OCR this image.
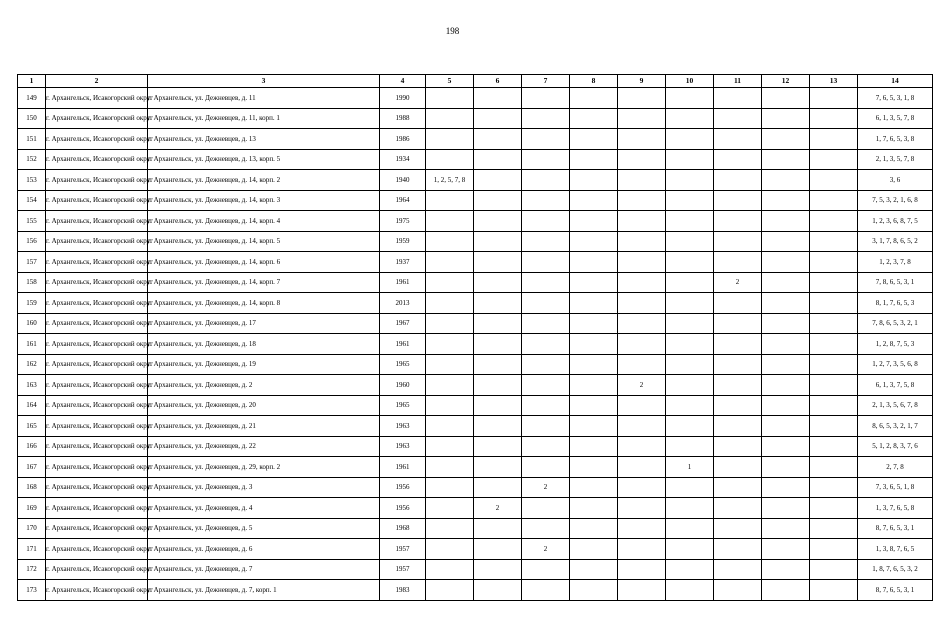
198
1	2	3	4	5	6	7	8	9	10	11	12	13	14
149	г. Архангельск, Исакогорский округ	г. Архангельск, ул. Дежневцев, д. 11	1990										7, 6, 5, 3, 1, 8
150	г. Архангельск, Исакогорский округ	г. Архангельск, ул. Дежневцев, д. 11, корп. 1	1988										6, 1, 3, 5, 7, 8
151	г. Архангельск, Исакогорский округ	г. Архангельск, ул. Дежневцев, д. 13	1986										1, 7, 6, 5, 3, 8
152	г. Архангельск, Исакогорский округ	г. Архангельск, ул. Дежневцев, д. 13, корп. 5	1934										2, 1, 3, 5, 7, 8
153	г. Архангельск, Исакогорский округ	г. Архангельск, ул. Дежневцев, д. 14, корп. 2	1940	1, 2, 5, 7, 8									3, 6
154	г. Архангельск, Исакогорский округ	г. Архангельск, ул. Дежневцев, д. 14, корп. 3	1964										7, 5, 3, 2, 1, 6, 8
155	г. Архангельск, Исакогорский округ	г. Архангельск, ул. Дежневцев, д. 14, корп. 4	1975										1, 2, 3, 6, 8, 7, 5
156	г. Архангельск, Исакогорский округ	г. Архангельск, ул. Дежневцев, д. 14, корп. 5	1959										3, 1, 7, 8, 6, 5, 2
157	г. Архангельск, Исакогорский округ	г. Архангельск, ул. Дежневцев, д. 14, корп. 6	1937										1, 2, 3, 7, 8
158	г. Архангельск, Исакогорский округ	г. Архангельск, ул. Дежневцев, д. 14, корп. 7	1961							2			7, 8, 6, 5, 3, 1
159	г. Архангельск, Исакогорский округ	г. Архангельск, ул. Дежневцев, д. 14, корп. 8	2013										8, 1, 7, 6, 5, 3
160	г. Архангельск, Исакогорский округ	г. Архангельск, ул. Дежневцев, д. 17	1967										7, 8, 6, 5, 3, 2, 1
161	г. Архангельск, Исакогорский округ	г. Архангельск, ул. Дежневцев, д. 18	1961										1, 2, 8, 7, 5, 3
162	г. Архангельск, Исакогорский округ	г. Архангельск, ул. Дежневцев, д. 19	1965										1, 2, 7, 3, 5, 6, 8
163	г. Архангельск, Исакогорский округ	г. Архангельск, ул. Дежневцев, д. 2	1960					2					6, 1, 3, 7, 5, 8
164	г. Архангельск, Исакогорский округ	г. Архангельск, ул. Дежневцев, д. 20	1965										2, 1, 3, 5, 6, 7, 8
165	г. Архангельск, Исакогорский округ	г. Архангельск, ул. Дежневцев, д. 21	1963										8, 6, 5, 3, 2, 1, 7
166	г. Архангельск, Исакогорский округ	г. Архангельск, ул. Дежневцев, д. 22	1963										5, 1, 2, 8, 3, 7, 6
167	г. Архангельск, Исакогорский округ	г. Архангельск, ул. Дежневцев, д. 29, корп. 2	1961						1				2, 7, 8
168	г. Архангельск, Исакогорский округ	г. Архангельск, ул. Дежневцев, д. 3	1956			2							7, 3, 6, 5, 1, 8
169	г. Архангельск, Исакогорский округ	г. Архангельск, ул. Дежневцев, д. 4	1956		2								1, 3, 7, 6, 5, 8
170	г. Архангельск, Исакогорский округ	г. Архангельск, ул. Дежневцев, д. 5	1968										8, 7, 6, 5, 3, 1
171	г. Архангельск, Исакогорский округ	г. Архангельск, ул. Дежневцев, д. 6	1957			2							1, 3, 8, 7, 6, 5
172	г. Архангельск, Исакогорский округ	г. Архангельск, ул. Дежневцев, д. 7	1957										1, 8, 7, 6, 5, 3, 2
173	г. Архангельск, Исакогорский округ	г. Архангельск, ул. Дежневцев, д. 7, корп. 1	1983										8, 7, 6, 5, 3, 1
